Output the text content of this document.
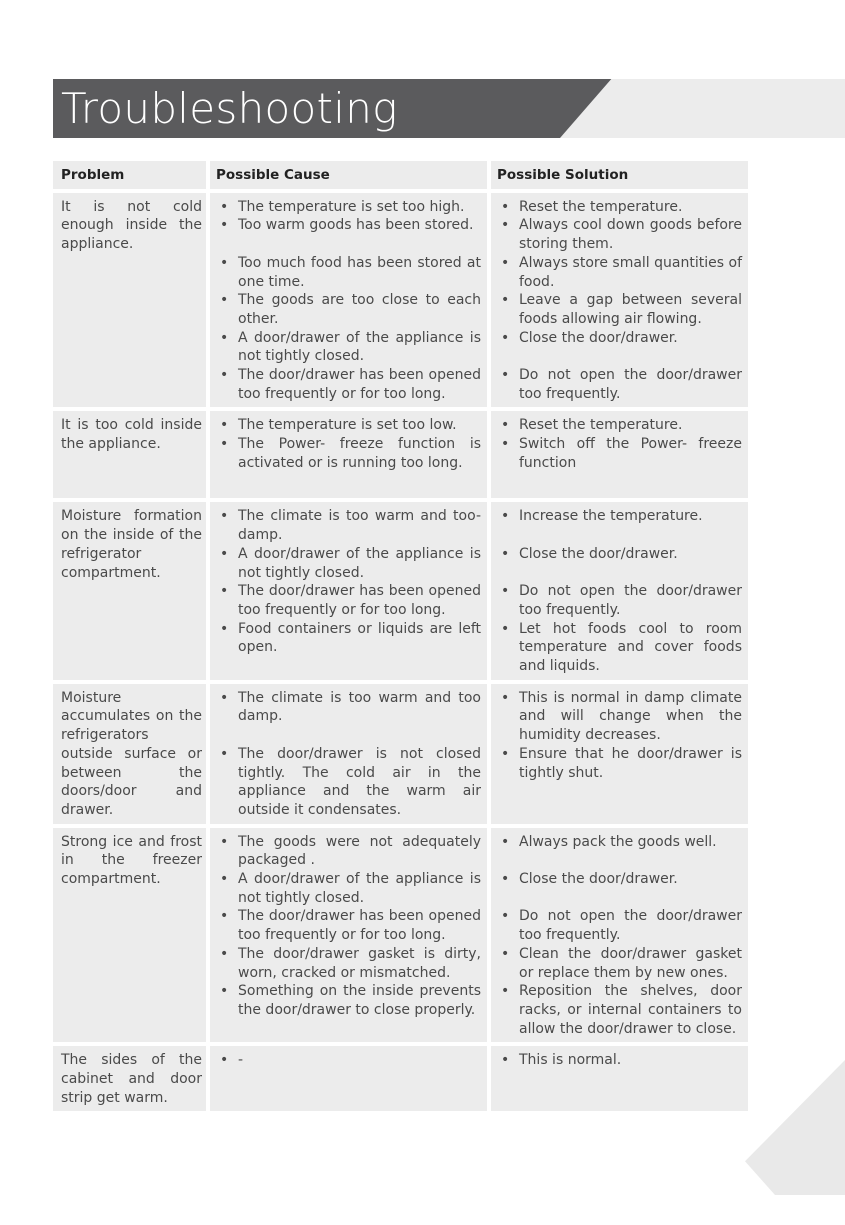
Troubleshooting
Problem	Possible Cause	Possible Solution
It is not cold enough inside the appliance.
• The temperature is set too high.
• Too warm goods has been stored.
• Too much food has been stored at one time.
• The goods are too close to each other.
• A door/drawer of the appliance is not tightly closed.
• The door/drawer has been opened too frequently or for too long.
• Reset the temperature.
• Always cool down goods before storing them.
• Always store small quantities of food.
• Leave a gap between several foods allowing air flowing.
• Close the door/drawer.
• Do not open the door/drawer too frequently.
It is too cold inside the appliance.
• The temperature is set too low.
• The Power- freeze function is activated or is running too long.
• Reset the temperature.
• Switch off the Power- freeze function
Moisture formation on the inside of the refrigerator compartment.
• The climate is too warm and too- damp.
• A door/drawer of the appliance is not tightly closed.
• The door/drawer has been opened too frequently or for too long.
• Food containers or liquids are left open.
• Increase the temperature.
• Close the door/drawer.
• Do not open the door/drawer too frequently.
• Let hot foods cool to room temperature and cover foods and liquids.
Moisture accumulates on the refrigerators outside surface or between the doors/door and drawer.
• The climate is too warm and too damp.
• The door/drawer is not closed tightly. The cold air in the appliance and the warm air outside it condensates.
• This is normal in damp climate and will change when the humidity decreases.
• Ensure that he door/drawer is tightly shut.
Strong ice and frost in the freezer compartment.
• The goods were not adequately packaged .
• A door/drawer of the appliance is not tightly closed.
• The door/drawer has been opened too frequently or for too long.
• The door/drawer gasket is dirty, worn, cracked or mismatched.
• Something on the inside prevents the door/drawer to close properly.
• Always pack the goods well.
• Close the door/drawer.
• Do not open the door/drawer too frequently.
• Clean the door/drawer gasket or replace them by new ones.
• Reposition the shelves, door racks, or internal containers to allow the door/drawer to close.
The sides of the cabinet and door strip get warm.
• -
•	This is normal.
